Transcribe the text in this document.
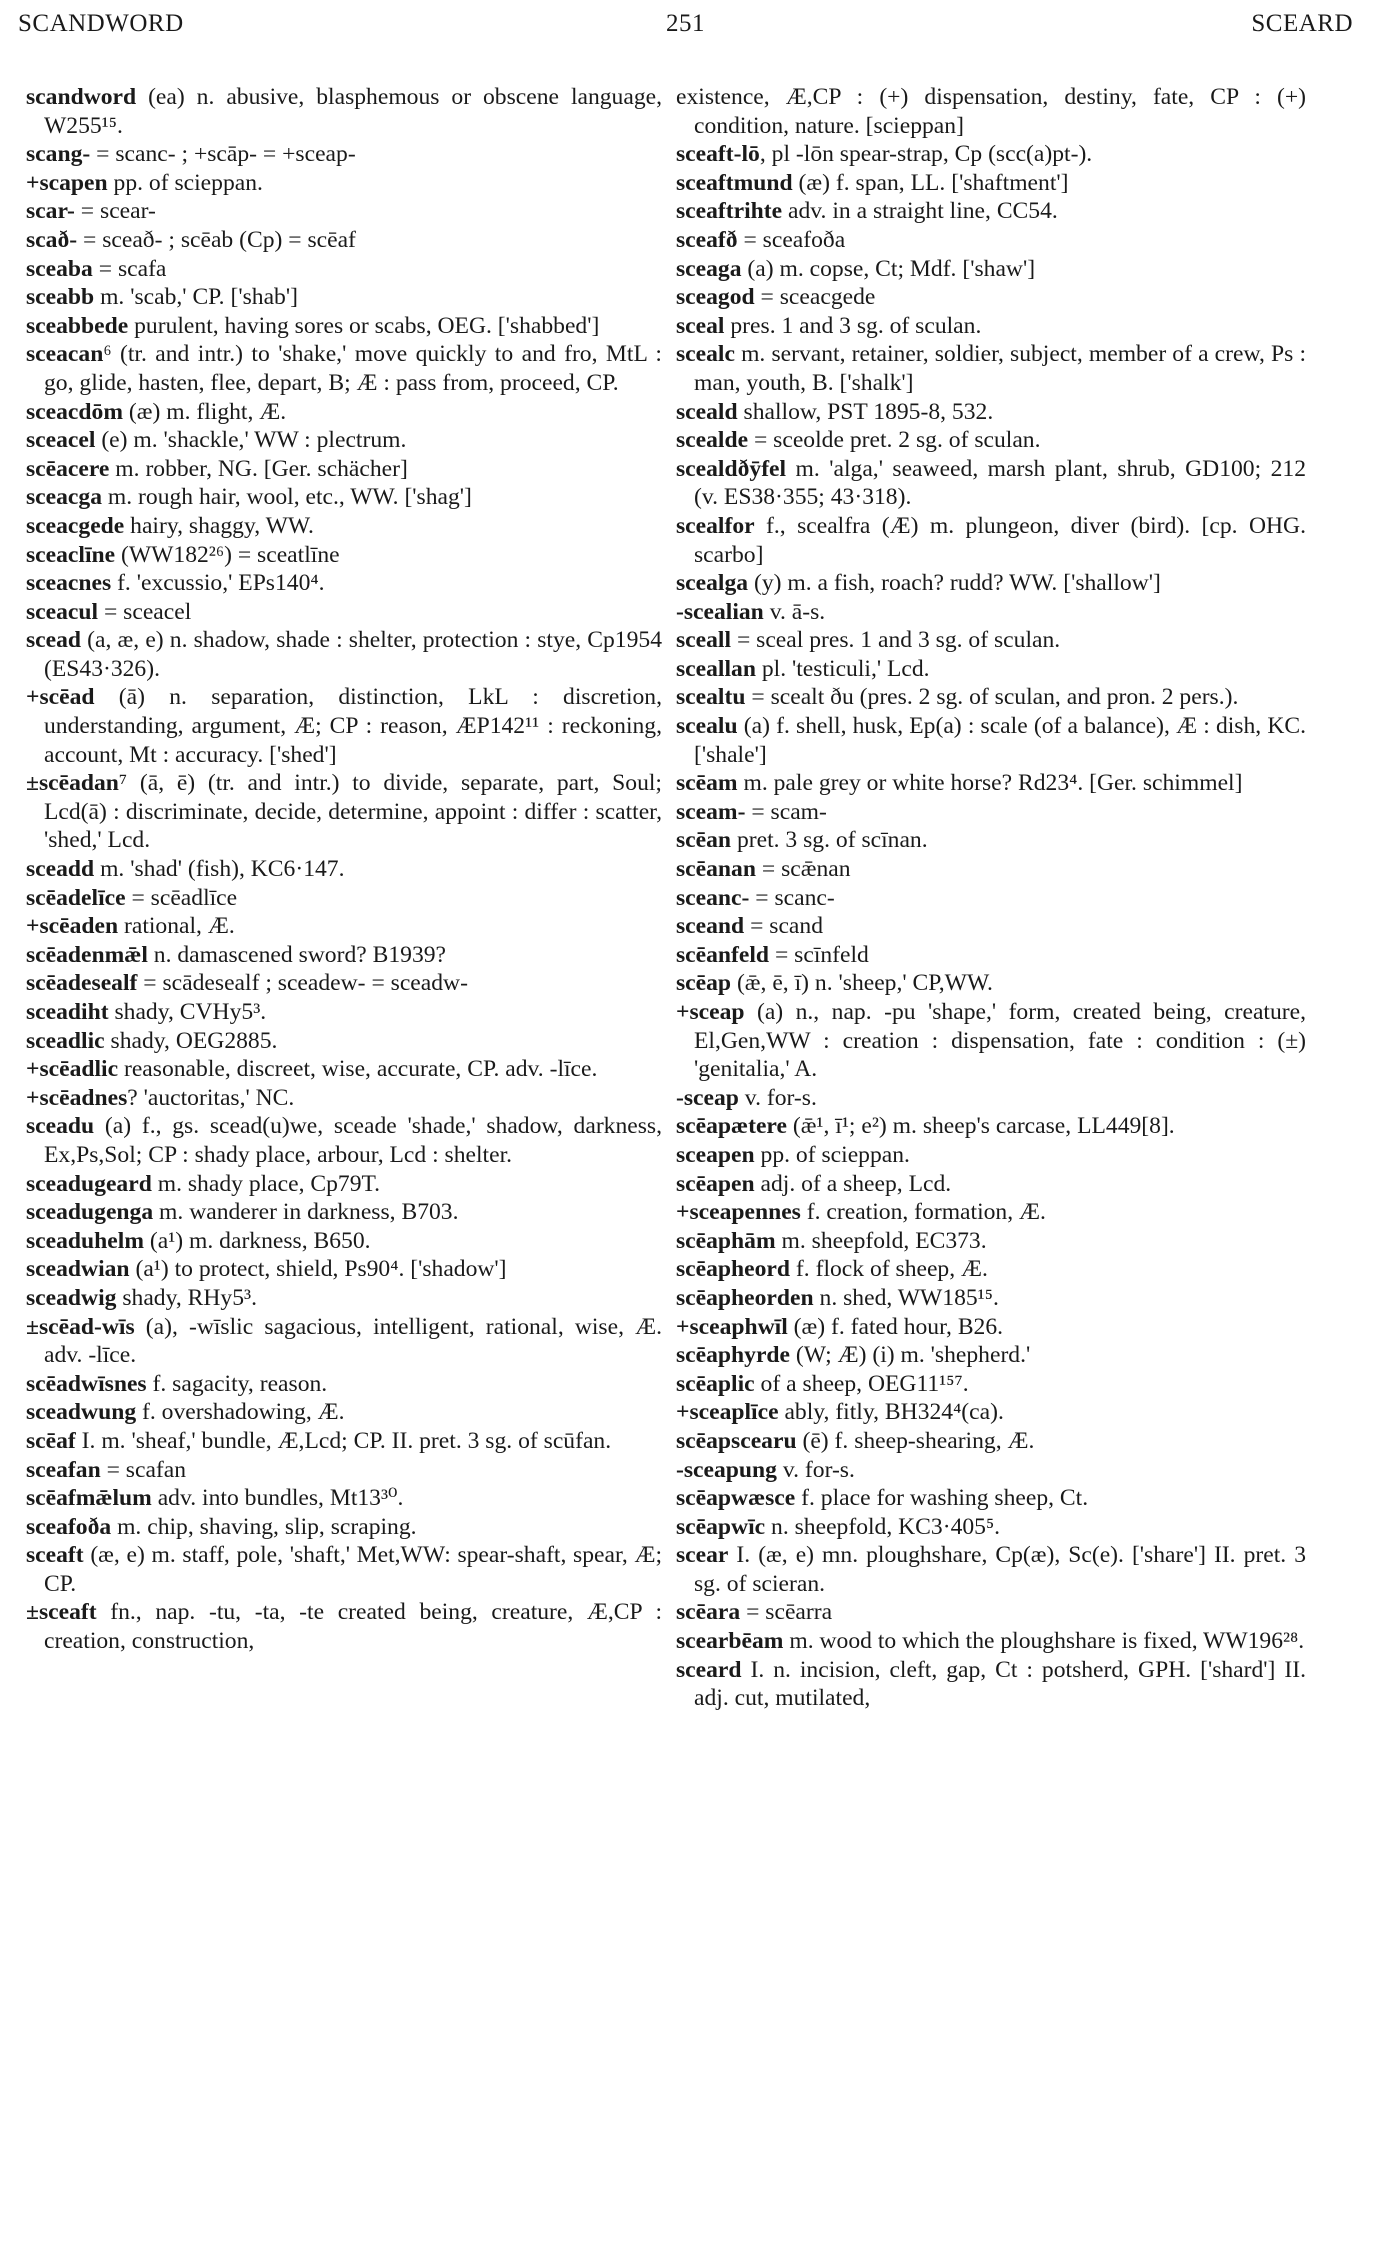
SCANDWORD	251	SCEARD

scandword (ea) n. abusive, blasphemous or obscene language, W255¹⁵.

scang- = scanc- ; +scāp- = +sceap-

+scapen pp. of scieppan.

scar- = scear-

scað- = sceað- ; scēab (Cp) = scēaf

sceaba = scafa

sceabb m. 'scab,' CP. ['shab']

sceabbede purulent, having sores or scabs, OEG. ['shabbed']

sceacan⁶ (tr. and intr.) to 'shake,' move quickly to and fro, MtL : go, glide, hasten, flee, depart, B; Æ : pass from, proceed, CP.

sceacdōm (æ) m. flight, Æ.

sceacel (e) m. 'shackle,' WW : plectrum.

scēacere m. robber, NG. [Ger. schächer]

sceacga m. rough hair, wool, etc., WW. ['shag']

sceacgede hairy, shaggy, WW.

sceaclīne (WW182²⁶) = sceatlīne

sceacnes f. 'excussio,' EPs140⁴.

sceacul = sceacel

scead (a, æ, e) n. shadow, shade : shelter, protection : stye, Cp1954 (ES43·326).

+scēad (ā) n. separation, distinction, LkL : discretion, understanding, argument, Æ; CP : reason, ÆP142¹¹ : reckoning, account, Mt : accuracy. ['shed']

±scēadan⁷ (ā, ē) (tr. and intr.) to divide, separate, part, Soul; Lcd(ā) : discriminate, decide, determine, appoint : differ : scatter, 'shed,' Lcd.

sceadd m. 'shad' (fish), KC6·147.

scēadelīce = scēadlīce

+scēaden rational, Æ.

scēadenmǣl n. damascened sword? B1939?

scēadesealf = scādesealf ; sceadew- = sceadw-

sceadiht shady, CVHy5³.

sceadlic shady, OEG2885.

+scēadlic reasonable, discreet, wise, accurate, CP. adv. -līce.

+scēadnes? 'auctoritas,' NC.

sceadu (a) f., gs. scead(u)we, sceade 'shade,' shadow, darkness, Ex,Ps,Sol; CP : shady place, arbour, Lcd : shelter.

sceadugeard m. shady place, Cp79T.

sceadugenga m. wanderer in darkness, B703.

sceaduhelm (a¹) m. darkness, B650.

sceadwian (a¹) to protect, shield, Ps90⁴. ['shadow']

sceadwig shady, RHy5³.

±scēad-wīs (a), -wīslic sagacious, intelligent, rational, wise, Æ. adv. -līce.

scēadwīsnes f. sagacity, reason.

sceadwung f. overshadowing, Æ.

scēaf I. m. 'sheaf,' bundle, Æ,Lcd; CP. II. pret. 3 sg. of scūfan.

sceafan = scafan

scēafmǣlum adv. into bundles, Mt13³⁰.

sceafoða m. chip, shaving, slip, scraping.

sceaft (æ, e) m. staff, pole, 'shaft,' Met,WW: spear-shaft, spear, Æ; CP.

±sceaft fn., nap. -tu, -ta, -te created being, creature, Æ,CP : creation, construction,

existence, Æ,CP : (+) dispensation, destiny, fate, CP : (+) condition, nature. [scieppan]

sceaft-lō, pl -lōn spear-strap, Cp (scc(a)pt-).

sceaftmund (æ) f. span, LL. ['shaftment']

sceaftrihte adv. in a straight line, CC54.

sceafð = sceafoða

sceaga (a) m. copse, Ct; Mdf. ['shaw']

sceagod = sceacgede

sceal pres. 1 and 3 sg. of sculan.

scealc m. servant, retainer, soldier, subject, member of a crew, Ps : man, youth, B. ['shalk']

sceald shallow, PST 1895-8, 532.

scealde = sceolde pret. 2 sg. of sculan.

scealdðȳfel m. 'alga,' seaweed, marsh plant, shrub, GD100; 212 (v. ES38·355; 43·318).

scealfor f., scealfra (Æ) m. plungeon, diver (bird). [cp. OHG. scarbo]

scealga (y) m. a fish, roach? rudd? WW. ['shallow']

-scealian v. ā-s.

sceall = sceal pres. 1 and 3 sg. of sculan.

sceallan pl. 'testiculi,' Lcd.

scealtu = scealt ðu (pres. 2 sg. of sculan, and pron. 2 pers.).

scealu (a) f. shell, husk, Ep(a) : scale (of a balance), Æ : dish, KC. ['shale']

scēam m. pale grey or white horse? Rd23⁴. [Ger. schimmel]

sceam- = scam-

scēan pret. 3 sg. of scīnan.

scēanan = scǣnan

sceanc- = scanc-

sceand = scand

scēanfeld = scīnfeld

scēap (ǣ, ē, ī) n. 'sheep,' CP,WW.

+sceap (a) n., nap. -pu 'shape,' form, created being, creature, El,Gen,WW : creation : dispensation, fate : condition : (±) 'genitalia,' A.

-sceap v. for-s.

scēapætere (ǣ¹, ī¹; e²) m. sheep's carcase, LL449[8].

sceapen pp. of scieppan.

scēapen adj. of a sheep, Lcd.

+sceapennes f. creation, formation, Æ.

scēaphām m. sheepfold, EC373.

scēapheord f. flock of sheep, Æ.

scēapheorden n. shed, WW185¹⁵.

+sceaphwīl (æ) f. fated hour, B26.

scēaphyrde (W; Æ) (i) m. 'shepherd.'

scēaplic of a sheep, OEG11¹⁵⁷.

+sceaplīce ably, fitly, BH324⁴(ca).

scēapscearu (ē) f. sheep-shearing, Æ.

-sceapung v. for-s.

scēapwæsce f. place for washing sheep, Ct.

scēapwīc n. sheepfold, KC3·405⁵.

scear I. (æ, e) mn. ploughshare, Cp(æ), Sc(e). ['share'] II. pret. 3 sg. of scieran.

scēara = scēarra

scearbēam m. wood to which the ploughshare is fixed, WW196²⁸.

sceard I. n. incision, cleft, gap, Ct : potsherd, GPH. ['shard'] II. adj. cut, mutilated,
